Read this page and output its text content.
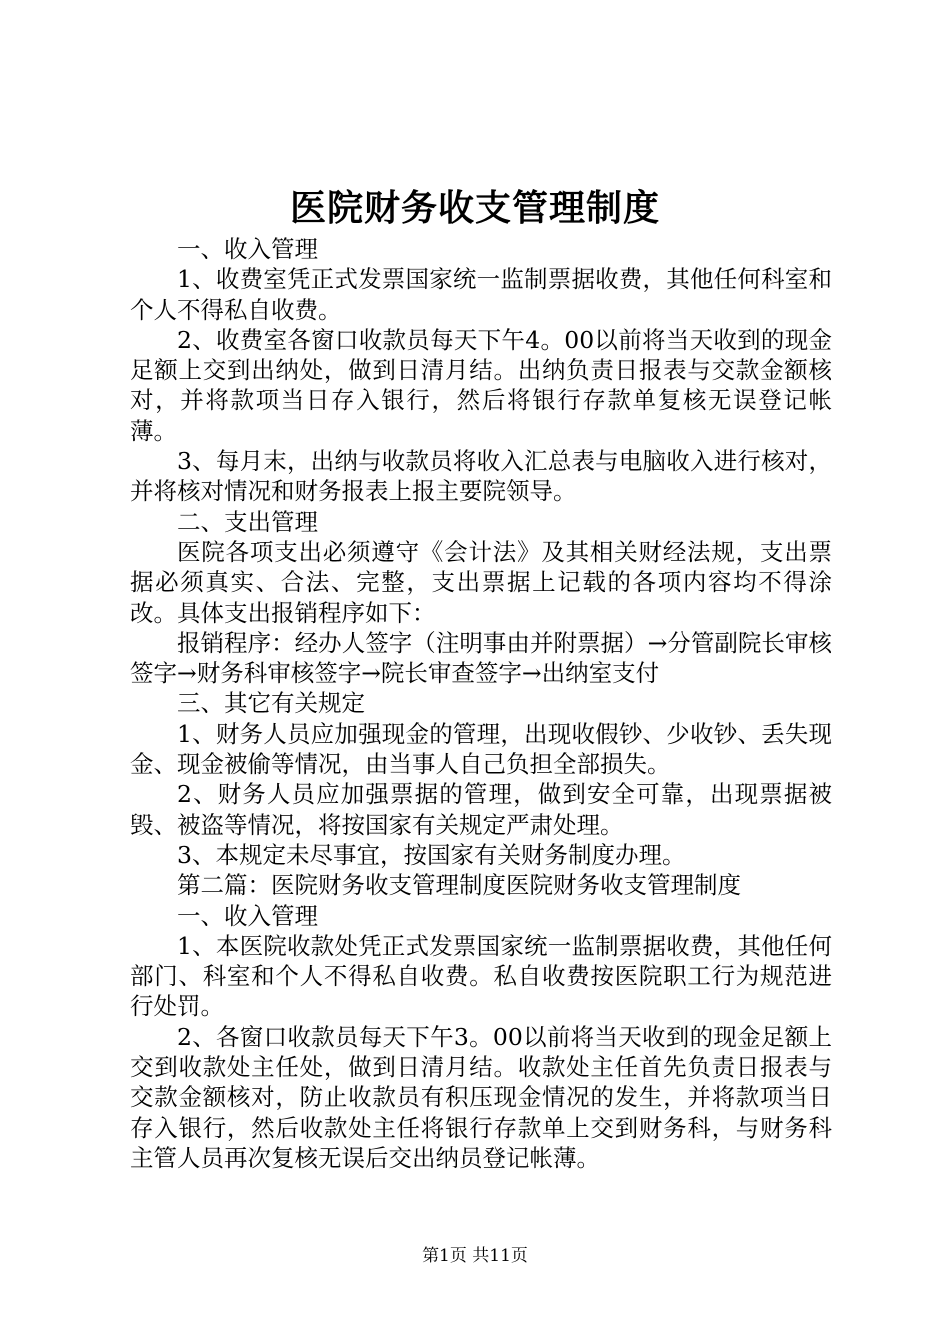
医院财务收支管理制度

一、收入管理

1、收费室凭正式发票国家统一监制票据收费，其他任何科室和个人不得私自收费。

2、收费室各窗口收款员每天下午4。00以前将当天收到的现金足额上交到出纳处，做到日清月结。出纳负责日报表与交款金额核对，并将款项当日存入银行，然后将银行存款单复核无误登记帐薄。

3、每月末，出纳与收款员将收入汇总表与电脑收入进行核对，并将核对情况和财务报表上报主要院领导。

二、支出管理

医院各项支出必须遵守《会计法》及其相关财经法规，支出票据必须真实、合法、完整，支出票据上记载的各项内容均不得涂改。具体支出报销程序如下：

报销程序：经办人签字（注明事由并附票据）→分管副院长审核签字→财务科审核签字→院长审查签字→出纳室支付

三、其它有关规定

1、财务人员应加强现金的管理，出现收假钞、少收钞、丢失现金、现金被偷等情况，由当事人自己负担全部损失。

2、财务人员应加强票据的管理，做到安全可靠，出现票据被毁、被盗等情况，将按国家有关规定严肃处理。

3、本规定未尽事宜，按国家有关财务制度办理。

第二篇：医院财务收支管理制度医院财务收支管理制度

一、收入管理

1、本医院收款处凭正式发票国家统一监制票据收费，其他任何部门、科室和个人不得私自收费。私自收费按医院职工行为规范进行处罚。

2、各窗口收款员每天下午3。00以前将当天收到的现金足额上交到收款处主任处，做到日清月结。收款处主任首先负责日报表与交款金额核对，防止收款员有积压现金情况的发生，并将款项当日存入银行，然后收款处主任将银行存款单上交到财务科，与财务科主管人员再次复核无误后交出纳员登记帐薄。

第1页 共11页
